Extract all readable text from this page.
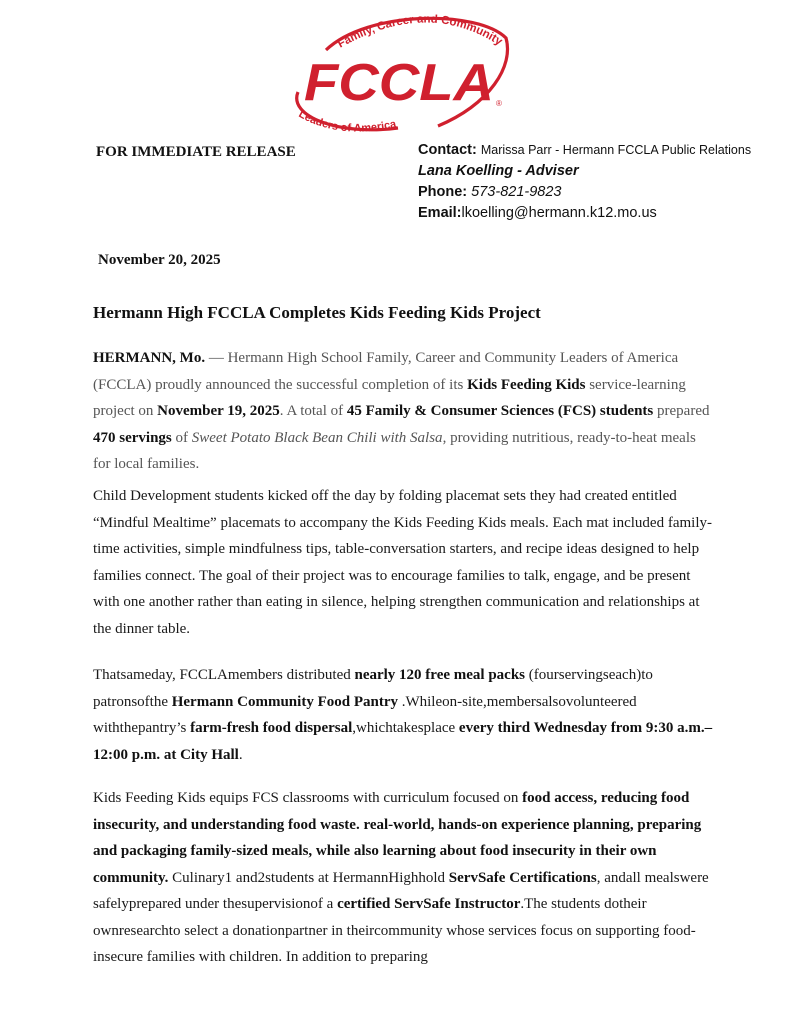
Family, Career and Community
Leaders of America
FCCLA ®
FOR IMMEDIATE RELEASE	Contact: Marissa Parr - Hermann FCCLA Public Relations
Lana Koelling - Adviser
Phone: 573-821-9823
Email:lkoelling@hermann.k12.mo.us
November 20, 2025
Hermann High FCCLA Completes Kids Feeding Kids Project
HERMANN, Mo. — Hermann High School Family, Career and Community Leaders of America (FCCLA) proudly announced the successful completion of its Kids Feeding Kids service-learning project on November 19, 2025. A total of 45 Family & Consumer Sciences (FCS) students prepared 470 servings of Sweet Potato Black Bean Chili with Salsa, providing nutritious, ready-to-heat meals for local families.
Child Development students kicked off the day by folding placemat sets they had created entitled “Mindful Mealtime” placemats to accompany the Kids Feeding Kids meals. Each mat included family-time activities, simple mindfulness tips, table-conversation starters, and recipe ideas designed to help families connect. The goal of their project was to encourage families to talk, engage, and be present with one another rather than eating in silence, helping strengthen communication and relationships at the dinner table.
Thatsameday, FCCLAmembers distributed nearly 120 free meal packs (fourservingseach)to patronsofthe Hermann Community Food Pantry .Whileon-site,membersalsovolunteered withthepantry’s farm-fresh food dispersal,whichtakesplace every third Wednesday from 9:30 a.m.–12:00 p.m. at City Hall.
Kids Feeding Kids equips FCS classrooms with curriculum focused on food access, reducing food insecurity, and understanding food waste. real-world, hands-on experience planning, preparing and packaging family-sized meals, while also learning about food insecurity in their own community. Culinary1 and2students at HermannHighhold ServSafe Certifications, andall mealswere safelyprepared under thesupervisionof a certified ServSafe Instructor.The students dotheir ownresearchto select a donationpartner in theircommunity whose services focus on supporting food-insecure families with children. In addition to preparing
